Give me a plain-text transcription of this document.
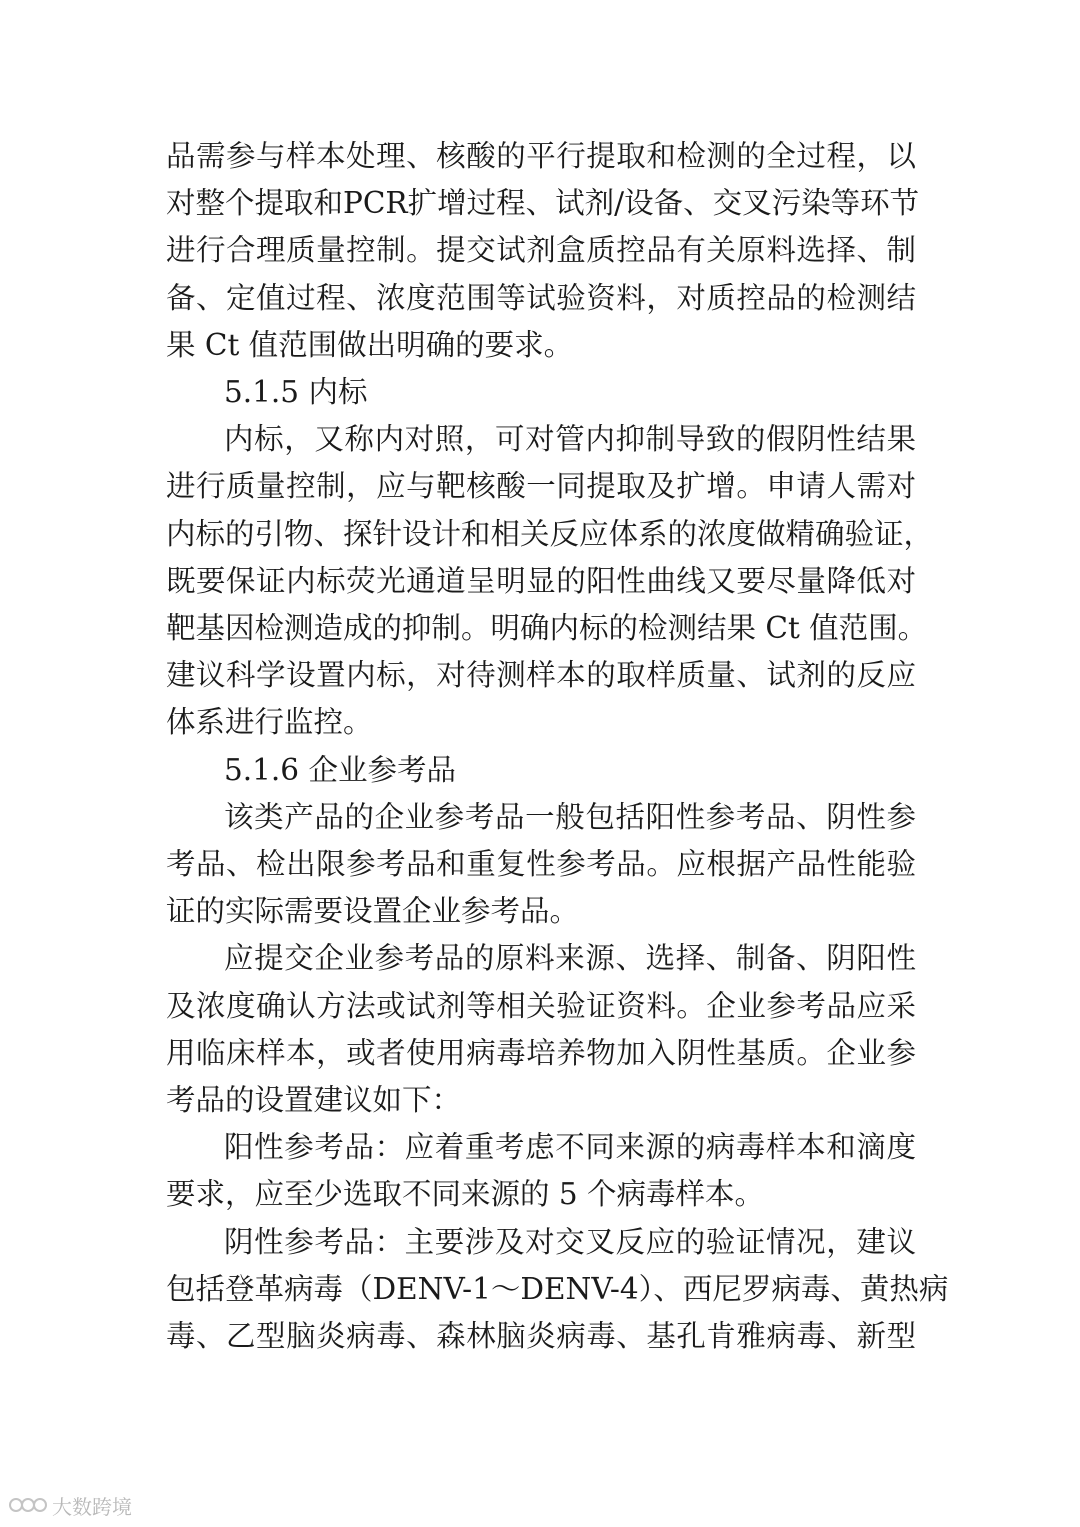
品需参与样本处理、核酸的平行提取和检测的全过程，以
对整个提取和PCR扩增过程、试剂/设备、交叉污染等环节
进行合理质量控制。提交试剂盒质控品有关原料选择、制
备、定值过程、浓度范围等试验资料，对质控品的检测结
果 Ct 值范围做出明确的要求。
5.1.5 内标
内标，又称内对照，可对管内抑制导致的假阴性结果
进行质量控制，应与靶核酸一同提取及扩增。申请人需对
内标的引物、探针设计和相关反应体系的浓度做精确验证，
既要保证内标荧光通道呈明显的阳性曲线又要尽量降低对
靶基因检测造成的抑制。明确内标的检测结果 Ct 值范围。
建议科学设置内标，对待测样本的取样质量、试剂的反应
体系进行监控。
5.1.6 企业参考品
该类产品的企业参考品一般包括阳性参考品、阴性参
考品、检出限参考品和重复性参考品。应根据产品性能验
证的实际需要设置企业参考品。
应提交企业参考品的原料来源、选择、制备、阴阳性
及浓度确认方法或试剂等相关验证资料。企业参考品应采
用临床样本，或者使用病毒培养物加入阴性基质。企业参
考品的设置建议如下：
阳性参考品：应着重考虑不同来源的病毒样本和滴度
要求，应至少选取不同来源的 5 个病毒样本。
阴性参考品：主要涉及对交叉反应的验证情况，建议
包括登革病毒（DENV-1～DENV-4）、西尼罗病毒、黄热病
毒、乙型脑炎病毒、森林脑炎病毒、基孔肯雅病毒、新型
大数跨境
